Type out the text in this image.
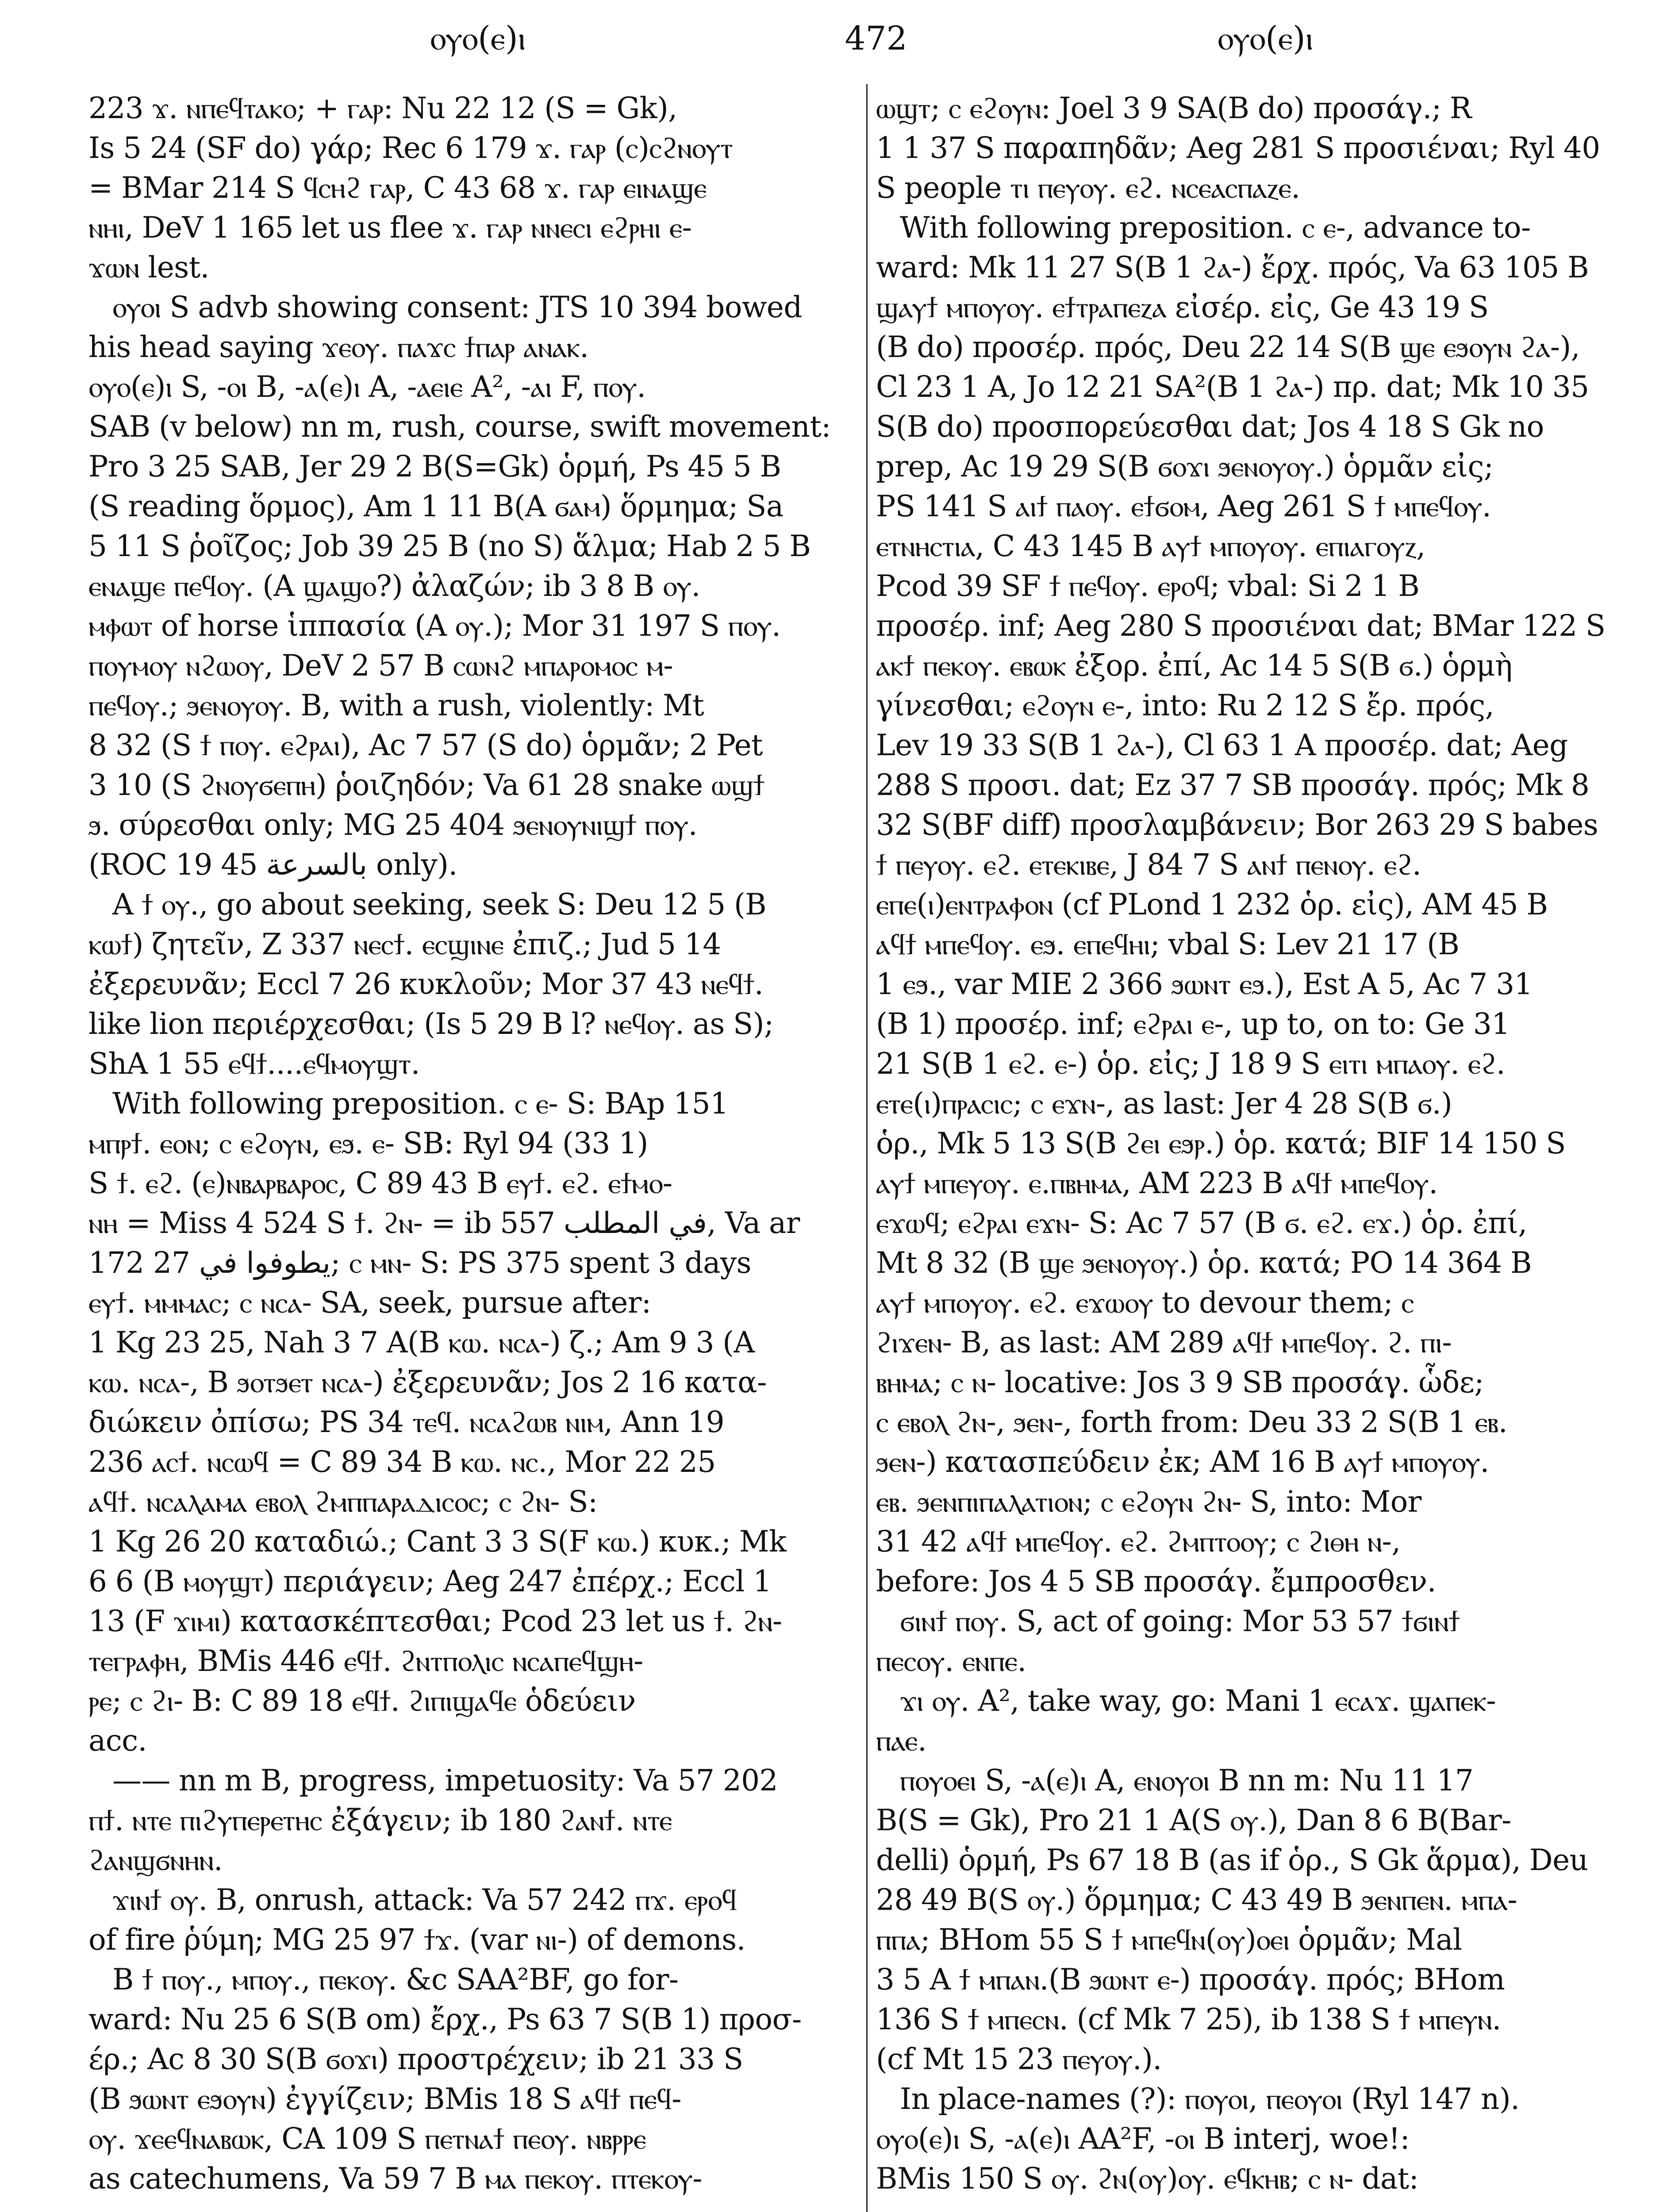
ⲟⲩⲟ(ⲉ)ⲓ	472	ⲟⲩⲟ(ⲉ)ⲓ
223 ϫ. ⲛⲡⲉϥⲧⲁⲕⲟ; + ⲅⲁⲣ: Nu 22 12 (S = Gk),
Is 5 24 (SF do) γάρ; Rec 6 179 ϫ. ⲅⲁⲣ (ⲥ)ⲥϩⲛⲟⲩⲧ
= BMar 214 S ϥⲥⲏϩ ⲅⲁⲣ, C 43 68 ϫ. ⲅⲁⲣ ⲉⲓⲛⲁϣⲉ
ⲛⲏⲓ, DeV 1 165 let us flee ϫ. ⲅⲁⲣ ⲛⲛⲉⲥⲓ ⲉϩⲣⲏⲓ ⲉ-
ϫⲱⲛ lest.
ⲟⲩⲟⲓ S advb showing consent: JTS 10 394 bowed
his head saying ϫⲉⲟⲩ. ⲡⲁϫⲥ ϯⲡⲁⲣ ⲁⲛⲁⲕ.
ⲟⲩⲟ(ⲉ)ⲓ S, -ⲟⲓ B, -ⲁ(ⲉ)ⲓ A, -ⲁⲉⲓⲉ A², -ⲁⲓ F, ⲡⲟⲩ.
SAB (v below) nn m, rush, course, swift movement:
Pro 3 25 SAB, Jer 29 2 B(S=Gk) ὁρμή, Ps 45 5 B
(S reading ὅρμος), Am 1 11 B(A ϭⲁⲙ) ὅρμημα; Sa
5 11 S ῥοῖζος; Job 39 25 B (no S) ἅλμα; Hab 2 5 B
ⲉⲛⲁϣⲉ ⲡⲉϥⲟⲩ. (A ϣⲁϣⲟ?) ἀλαζών; ib 3 8 B ⲟⲩ.
ⲙⲫⲱⲧ of horse ἱππασία (A ⲟⲩ.); Mor 31 197 S ⲡⲟⲩ.
ⲡⲟⲩⲙⲟⲩ ⲛϩⲱⲟⲩ, DeV 2 57 B ⲥⲱⲛϩ ⲙⲡⲁⲣⲟⲙⲟⲥ ⲙ-
ⲡⲉϥⲟⲩ.; ϧⲉⲛⲟⲩⲟⲩ. B, with a rush, violently: Mt
8 32 (S ϯ ⲡⲟⲩ. ⲉϩⲣⲁⲓ), Ac 7 57 (S do) ὁρμᾶν; 2 Pet
3 10 (S ϩⲛⲟⲩϭⲉⲡⲏ) ῥοιζηδόν; Va 61 28 snake ⲱϣϯ
ϧ. σύρεσθαι only; MG 25 404 ϧⲉⲛⲟⲩⲛⲓϣϯ ⲡⲟⲩ.
(ROC 19 45 ﺑﺎﻟﺴﺮﻋﺔ only).
A ϯ ⲟⲩ., go about seeking, seek S: Deu 12 5 (B
ⲕⲱϯ) ζητεῖν, Z 337 ⲛⲉⲥϯ. ⲉⲥϣⲓⲛⲉ ἐπιζ.; Jud 5 14
ἐξερευνᾶν; Eccl 7 26 κυκλοῦν; Mor 37 43 ⲛⲉϥϯ.
like lion περιέρχεσθαι; (Is 5 29 B l? ⲛⲉϥⲟⲩ. as S);
ShA 1 55 ⲉϥϯ....ⲉϥⲙⲟⲩϣⲧ.
With following preposition. ⲥ ⲉ- S: BAp 151
ⲙⲡⲣϯ. ⲉⲟⲛ; ⲥ ⲉϩⲟⲩⲛ, ⲉϧ. ⲉ- SB: Ryl 94 (33 1)
S ϯ. ⲉϩ. (ⲉ)ⲛⲃⲁⲣⲃⲁⲣⲟⲥ, C 89 43 B ⲉⲩϯ. ⲉϩ. ⲉϯⲙⲟ-
ⲛⲏ = Miss 4 524 S ϯ. ϩⲛ- = ib 557 ﻓﻲ ﺍﻟﻤﻄﻠﺐ, Va ar
172 27 ﻳﻄﻮﻓﻮﺍ ﻓﻲ; ⲥ ⲙⲛ- S: PS 375 spent 3 days
ⲉⲩϯ. ⲙⲙⲙⲁⲥ; ⲥ ⲛⲥⲁ- SA, seek, pursue after:
1 Kg 23 25, Nah 3 7 A(B ⲕⲱ. ⲛⲥⲁ-) ζ.; Am 9 3 (A
ⲕⲱ. ⲛⲥⲁ-, B ϧⲟⲧϧⲉⲧ ⲛⲥⲁ-) ἐξερευνᾶν; Jos 2 16 κατα-
διώκειν ὀπίσω; PS 34 ⲧⲉϥ. ⲛⲥⲁϩⲱⲃ ⲛⲓⲙ, Ann 19
236 ⲁⲥϯ. ⲛⲥⲱϥ = C 89 34 B ⲕⲱ. ⲛⲥ., Mor 22 25
ⲁϥϯ. ⲛⲥⲁⲗⲁⲙⲁ ⲉⲃⲟⲗ ϩⲙⲡⲡⲁⲣⲁⲇⲓⲥⲟⲥ; ⲥ ϩⲛ- S:
1 Kg 26 20 καταδιώ.; Cant 3 3 S(F ⲕⲱ.) κυκ.; Mk
6 6 (B ⲙⲟⲩϣⲧ) περιάγειν; Aeg 247 ἐπέρχ.; Eccl 1
13 (F ϫⲓⲙⲓ) κατασκέπτεσθαι; Pcod 23 let us ϯ. ϩⲛ-
ⲧⲉⲅⲣⲁⲫⲏ, BMis 446 ⲉϥϯ. ϩⲛⲧⲡⲟⲗⲓⲥ ⲛⲥⲁⲡⲉϥϣⲏ-
ⲣⲉ; ⲥ ϩⲓ- B: C 89 18 ⲉϥϯ. ϩⲓⲡⲓϣⲁϥⲉ ὁδεύειν
acc.
—— nn m B, progress, impetuosity: Va 57 202
ⲡϯ. ⲛⲧⲉ ⲡⲓϩⲩⲡⲉⲣⲉⲧⲏⲥ ἐξάγειν; ib 180 ϩⲁⲛϯ. ⲛⲧⲉ
ϩⲁⲛϣϭⲛⲏⲛ.
ϫⲓⲛϯ ⲟⲩ. B, onrush, attack: Va 57 242 ⲡϫ. ⲉⲣⲟϥ
of fire ῥύμη; MG 25 97 ϯϫ. (var ⲛⲓ-) of demons.
B ϯ ⲡⲟⲩ., ⲙⲡⲟⲩ., ⲡⲉⲕⲟⲩ. &c SAA²BF, go for-
ward: Nu 25 6 S(B om) ἔρχ., Ps 63 7 S(B 1) προσ-
έρ.; Ac 8 30 S(B ϭⲟϫⲓ) προστρέχειν; ib 21 33 S
(B ϧⲱⲛⲧ ⲉϧⲟⲩⲛ) ἐγγίζειν; BMis 18 S ⲁϥϯ ⲡⲉϥ-
ⲟⲩ. ϫⲉⲉϥⲛⲁⲃⲱⲕ, CA 109 S ⲡⲉⲧⲛⲁϯ ⲡⲉⲟⲩ. ⲛⲃⲣⲣⲉ
as catechumens, Va 59 7 B ⲙⲁ ⲡⲉⲕⲟⲩ. ⲡⲧⲉⲕⲟⲩ-
ⲱϣⲧ; ⲥ ⲉϩⲟⲩⲛ: Joel 3 9 SA(B do) προσάγ.; R
1 1 37 S παραπηδᾶν; Aeg 281 S προσιέναι; Ryl 40
S people ⲧⲓ ⲡⲉⲩⲟⲩ. ⲉϩ. ⲛⲥⲉⲁⲥⲡⲁⲍⲉ.
With following preposition. ⲥ ⲉ-, advance to-
ward: Mk 11 27 S(B 1 ϩⲁ-) ἔρχ. πρός, Va 63 105 B
ϣⲁⲩϯ ⲙⲡⲟⲩⲟⲩ. ⲉϯⲧⲣⲁⲡⲉⲍⲁ εἰσέρ. εἰς, Ge 43 19 S
(B do) προσέρ. πρός, Deu 22 14 S(B ϣⲉ ⲉϧⲟⲩⲛ ϩⲁ-),
Cl 23 1 A, Jo 12 21 SA²(B 1 ϩⲁ-) πρ. dat; Mk 10 35
S(B do) προσπορεύεσθαι dat; Jos 4 18 S Gk no
prep, Ac 19 29 S(B ϭⲟϫⲓ ϧⲉⲛⲟⲩⲟⲩ.) ὁρμᾶν εἰς;
PS 141 S ⲁⲓϯ ⲡⲁⲟⲩ. ⲉϯϭⲟⲙ, Aeg 261 S ϯ ⲙⲡⲉϥⲟⲩ.
ⲉⲧⲛⲏⲥⲧⲓⲁ, C 43 145 B ⲁⲩϯ ⲙⲡⲟⲩⲟⲩ. ⲉⲡⲓⲁⲅⲟⲩⲍ,
Pcod 39 SF ϯ ⲡⲉϥⲟⲩ. ⲉⲣⲟϥ; vbal: Si 2 1 B
προσέρ. inf; Aeg 280 S προσιέναι dat; BMar 122 S
ⲁⲕϯ ⲡⲉⲕⲟⲩ. ⲉⲃⲱⲕ ἐξορ. ἐπί, Ac 14 5 S(B ϭ.) ὁρμὴ
γίνεσθαι; ⲉϩⲟⲩⲛ ⲉ-, into: Ru 2 12 S ἔρ. πρός,
Lev 19 33 S(B 1 ϩⲁ-), Cl 63 1 A προσέρ. dat; Aeg
288 S προσι. dat; Ez 37 7 SB προσάγ. πρός; Mk 8
32 S(BF diff) προσλαμβάνειν; Bor 263 29 S babes
ϯ ⲡⲉⲩⲟⲩ. ⲉϩ. ⲉⲧⲉⲕⲓⲃⲉ, J 84 7 S ⲁⲛϯ ⲡⲉⲛⲟⲩ. ⲉϩ.
ⲉⲡⲉ(ⲓ)ⲉⲛⲧⲣⲁⲫⲟⲛ (cf PLond 1 232 ὁρ. εἰς), AM 45 B
ⲁϥϯ ⲙⲡⲉϥⲟⲩ. ⲉϧ. ⲉⲡⲉϥⲏⲓ; vbal S: Lev 21 17 (B
1 ⲉϧ., var MIE 2 366 ϧⲱⲛⲧ ⲉϧ.), Est A 5, Ac 7 31
(B 1) προσέρ. inf; ⲉϩⲣⲁⲓ ⲉ-, up to, on to: Ge 31
21 S(B 1 ⲉϩ. ⲉ-) ὁρ. εἰς; J 18 9 S ⲉⲓⲧⲓ ⲙⲡⲁⲟⲩ. ⲉϩ.
ⲉⲧⲉ(ⲓ)ⲡⲣⲁⲥⲓⲥ; ⲥ ⲉϫⲛ-, as last: Jer 4 28 S(B ϭ.)
ὁρ., Mk 5 13 S(B ϩⲉⲓ ⲉϧⲣ.) ὁρ. κατά; BIF 14 150 S
ⲁⲩϯ ⲙⲡⲉⲩⲟⲩ. ⲉ.ⲡⲃⲏⲙⲁ, AM 223 B ⲁϥϯ ⲙⲡⲉϥⲟⲩ.
ⲉϫⲱϥ; ⲉϩⲣⲁⲓ ⲉϫⲛ- S: Ac 7 57 (B ϭ. ⲉϩ. ⲉϫ.) ὁρ. ἐπί,
Mt 8 32 (B ϣⲉ ϧⲉⲛⲟⲩⲟⲩ.) ὁρ. κατά; PO 14 364 B
ⲁⲩϯ ⲙⲡⲟⲩⲟⲩ. ⲉϩ. ⲉϫⲱⲟⲩ to devour them; ⲥ
ϩⲓϫⲉⲛ- B, as last: AM 289 ⲁϥϯ ⲙⲡⲉϥⲟⲩ. ϩ. ⲡⲓ-
ⲃⲏⲙⲁ; ⲥ ⲛ- locative: Jos 3 9 SB προσάγ. ὧδε;
ⲥ ⲉⲃⲟⲗ ϩⲛ-, ϧⲉⲛ-, forth from: Deu 33 2 S(B 1 ⲉⲃ.
ϧⲉⲛ-) κατασπεύδειν ἐκ; AM 16 B ⲁⲩϯ ⲙⲡⲟⲩⲟⲩ.
ⲉⲃ. ϧⲉⲛⲡⲓⲡⲁⲗⲁⲧⲓⲟⲛ; ⲥ ⲉϩⲟⲩⲛ ϩⲛ- S, into: Mor
31 42 ⲁϥϯ ⲙⲡⲉϥⲟⲩ. ⲉϩ. ϩⲙⲡⲧⲟⲟⲩ; ⲥ ϩⲓⲑⲏ ⲛ-,
before: Jos 4 5 SB προσάγ. ἔμπροσθεν.
ϭⲓⲛϯ ⲡⲟⲩ. S, act of going: Mor 53 57 ϯϭⲓⲛϯ
ⲡⲉⲥⲟⲩ. ⲉⲛⲡⲉ.
ϫⲓ ⲟⲩ. A², take way, go: Mani 1 ⲉⲥⲁϫ. ϣⲁⲡⲉⲕ-
ⲡⲁⲉ.
ⲡⲟⲩⲟⲉⲓ S, -ⲁ(ⲉ)ⲓ A, ⲉⲛⲟⲩⲟⲓ B nn m: Nu 11 17
B(S = Gk), Pro 21 1 A(S ⲟⲩ.), Dan 8 6 B(Bar-
delli) ὁρμή, Ps 67 18 B (as if ὁρ., S Gk ἅρμα), Deu
28 49 B(S ⲟⲩ.) ὅρμημα; C 43 49 B ϧⲉⲛⲡⲉⲛ. ⲙⲡⲁ-
ⲡⲡⲁ; BHom 55 S ϯ ⲙⲡⲉϥⲛ(ⲟⲩ)ⲟⲉⲓ ὁρμᾶν; Mal
3 5 A ϯ ⲙⲡⲁⲛ.(B ϧⲱⲛⲧ ⲉ-) προσάγ. πρός; BHom
136 S ϯ ⲙⲡⲉⲥⲛ. (cf Mk 7 25), ib 138 S ϯ ⲙⲡⲉⲩⲛ.
(cf Mt 15 23 ⲡⲉⲩⲟⲩ.).
In place-names (?): ⲡⲟⲩⲟⲓ, ⲡⲉⲟⲩⲟⲓ (Ryl 147 n).
ⲟⲩⲟ(ⲉ)ⲓ S, -ⲁ(ⲉ)ⲓ AA²F, -ⲟⲓ B interj, woe!:
BMis 150 S ⲟⲩ. ϩⲛ(ⲟⲩ)ⲟⲩ. ⲉϥⲕⲏⲃ; ⲥ ⲛ- dat:
